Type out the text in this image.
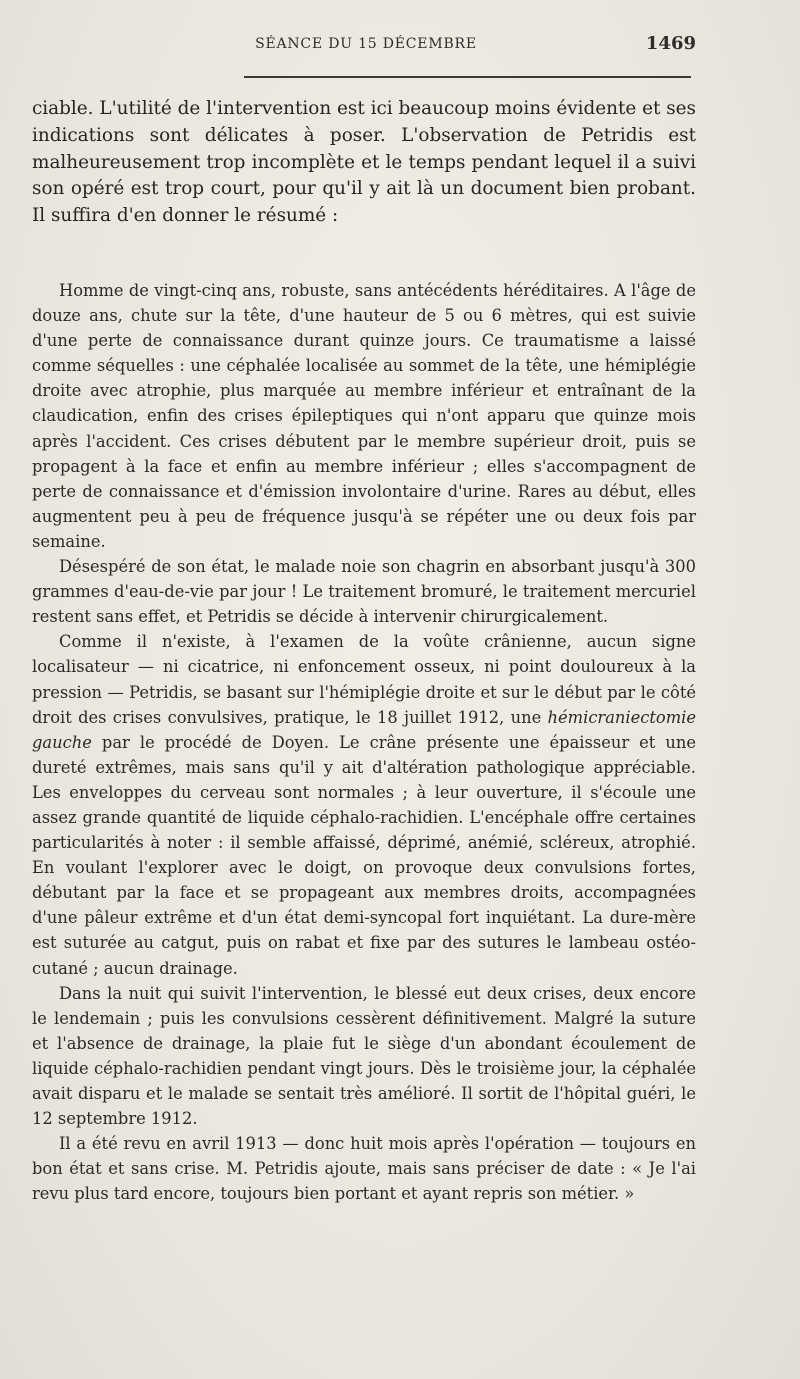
SÉANCE DU 15 DÉCEMBRE	1469

ciable. L'utilité de l'intervention est ici beaucoup moins évidente et ses indications sont délicates à poser. L'observation de Petridis est malheureusement trop incomplète et le temps pendant lequel il a suivi son opéré est trop court, pour qu'il y ait là un document bien probant. Il suffira d'en donner le résumé :

Homme de vingt-cinq ans, robuste, sans antécédents héréditaires. A l'âge de douze ans, chute sur la tête, d'une hauteur de 5 ou 6 mètres, qui est suivie d'une perte de connaissance durant quinze jours. Ce traumatisme a laissé comme séquelles : une céphalée localisée au sommet de la tête, une hémiplégie droite avec atrophie, plus marquée au membre inférieur et entraînant de la claudication, enfin des crises épileptiques qui n'ont apparu que quinze mois après l'accident. Ces crises débutent par le membre supérieur droit, puis se propagent à la face et enfin au membre inférieur ; elles s'accompagnent de perte de connaissance et d'émission involontaire d'urine. Rares au début, elles augmentent peu à peu de fréquence jusqu'à se répéter une ou deux fois par semaine.

Désespéré de son état, le malade noie son chagrin en absorbant jusqu'à 300 grammes d'eau-de-vie par jour ! Le traitement bromuré, le traitement mercuriel restent sans effet, et Petridis se décide à intervenir chirurgicalement.

Comme il n'existe, à l'examen de la voûte crânienne, aucun signe localisateur — ni cicatrice, ni enfoncement osseux, ni point douloureux à la pression — Petridis, se basant sur l'hémiplégie droite et sur le début par le côté droit des crises convulsives, pratique, le 18 juillet 1912, une hémicraniectomie gauche par le procédé de Doyen. Le crâne présente une épaisseur et une dureté extrêmes, mais sans qu'il y ait d'altération pathologique appréciable. Les enveloppes du cerveau sont normales ; à leur ouverture, il s'écoule une assez grande quantité de liquide céphalo-rachidien. L'encéphale offre certaines particularités à noter : il semble affaissé, déprimé, anémié, scléreux, atrophié. En voulant l'explorer avec le doigt, on provoque deux convulsions fortes, débutant par la face et se propageant aux membres droits, accompagnées d'une pâleur extrême et d'un état demi-syncopal fort inquiétant. La dure-mère est suturée au catgut, puis on rabat et fixe par des sutures le lambeau ostéo-cutané ; aucun drainage.

Dans la nuit qui suivit l'intervention, le blessé eut deux crises, deux encore le lendemain ; puis les convulsions cessèrent définitivement. Malgré la suture et l'absence de drainage, la plaie fut le siège d'un abondant écoulement de liquide céphalo-rachidien pendant vingt jours. Dès le troisième jour, la céphalée avait disparu et le malade se sentait très amélioré. Il sortit de l'hôpital guéri, le 12 septembre 1912.

Il a été revu en avril 1913 — donc huit mois après l'opération — toujours en bon état et sans crise. M. Petridis ajoute, mais sans préciser de date : « Je l'ai revu plus tard encore, toujours bien portant et ayant repris son métier. »
